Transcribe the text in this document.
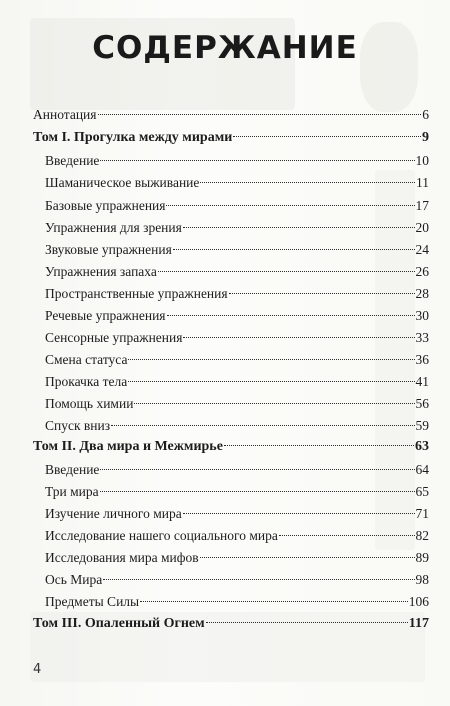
СОДЕРЖАНИЕ
Аннотация	6
Том I. Прогулка между мирами	9
Введение	10
Шаманическое выживание	11
Базовые упражнения	17
Упражнения для зрения	20
Звуковые упражнения	24
Упражнения запаха	26
Пространственные упражнения	28
Речевые упражнения	30
Сенсорные упражнения	33
Смена статуса	36
Прокачка тела	41
Помощь химии	56
Спуск вниз	59
Том II. Два мира и Межмирье	63
Введение	64
Три мира	65
Изучение личного мира	71
Исследование нашего социального мира	82
Исследования мира мифов	89
Ось Мира	98
Предметы Силы	106
Том III. Опаленный Огнем	117
4
